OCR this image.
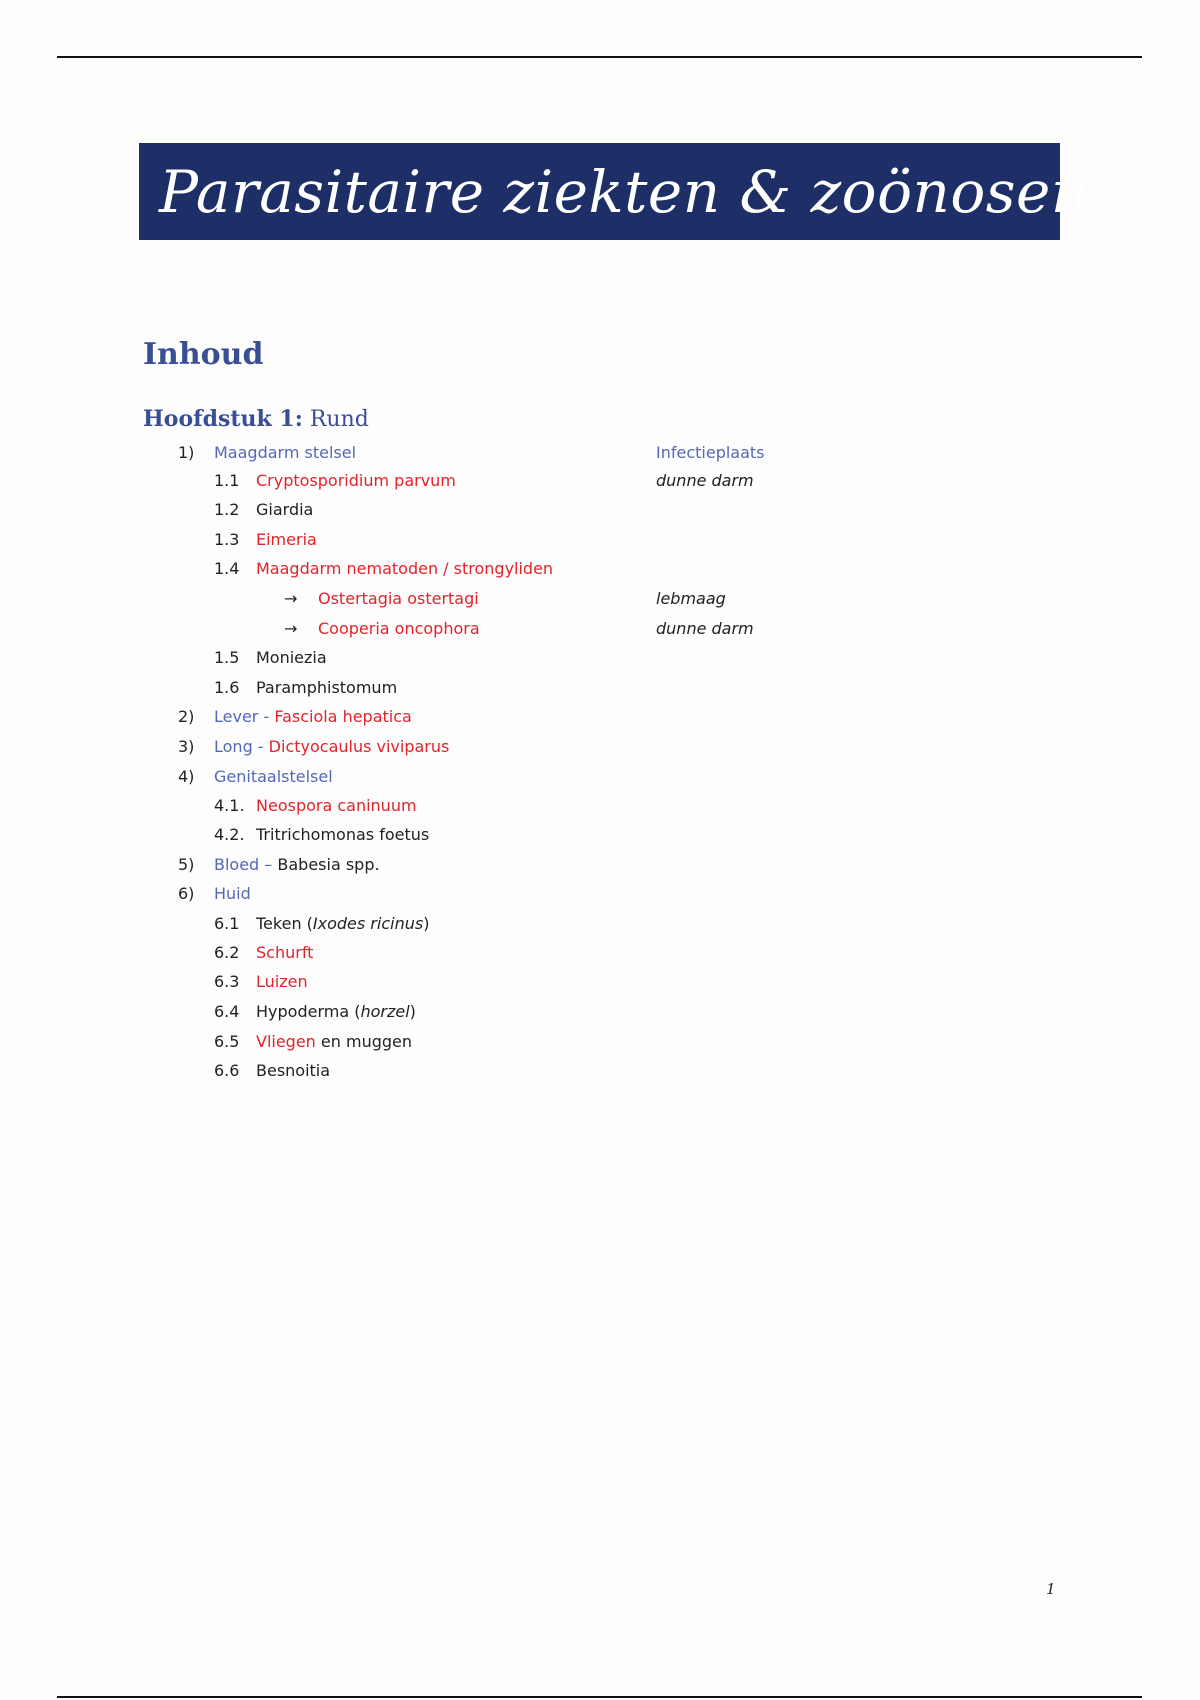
Parasitaire ziekten & zoönosen
Inhoud
Hoofdstuk 1: Rund
1) Maagdarm stelsel	Infectieplaats
1.1 Cryptosporidium parvum	dunne darm
1.2 Giardia
1.3 Eimeria
1.4 Maagdarm nematoden / strongyliden
→ Ostertagia ostertagi	lebmaag
→ Cooperia oncophora	dunne darm
1.5 Moniezia
1.6 Paramphistomum
2) Lever - Fasciola hepatica
3) Long - Dictyocaulus viviparus
4) Genitaalstelsel
4.1. Neospora caninuum
4.2. Tritrichomonas foetus
5) Bloed – Babesia spp.
6) Huid
6.1 Teken (Ixodes ricinus)
6.2 Schurft
6.3 Luizen
6.4 Hypoderma (horzel)
6.5 Vliegen en muggen
6.6 Besnoitia
1
